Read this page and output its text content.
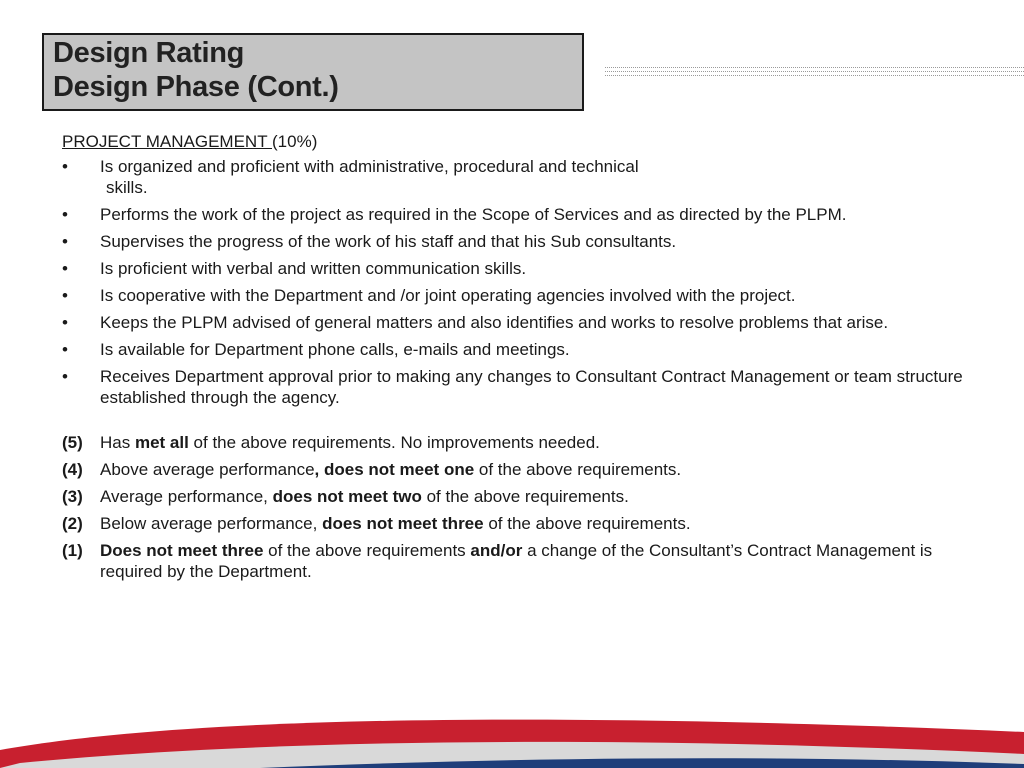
Design Rating
Design Phase (Cont.)
PROJECT MANAGEMENT (10%)
•	Is organized and proficient with administrative, procedural and technical
skills.
•	Performs the work of the project as required in the Scope of Services and as directed by the PLPM.
•	Supervises the progress of the work of his staff and that his Sub consultants.
•	Is proficient with verbal and written communication skills.
•	Is cooperative with the Department and /or joint operating agencies involved with the project.
•	Keeps the PLPM advised of general matters and also identifies and works to resolve problems that arise.
•	Is available for Department phone calls, e-mails and meetings.
•	Receives Department approval prior to making any changes to Consultant Contract Management or team structure established through the agency.
(5) Has met all of the above requirements. No improvements needed.
(4) Above average performance, does not meet one of the above requirements.
(3) Average performance, does not meet two of the above requirements.
(2) Below average performance, does not meet three of the above requirements.
(1) Does not meet three of the above requirements and/or a change of the Consultant’s Contract Management is required by the Department.
